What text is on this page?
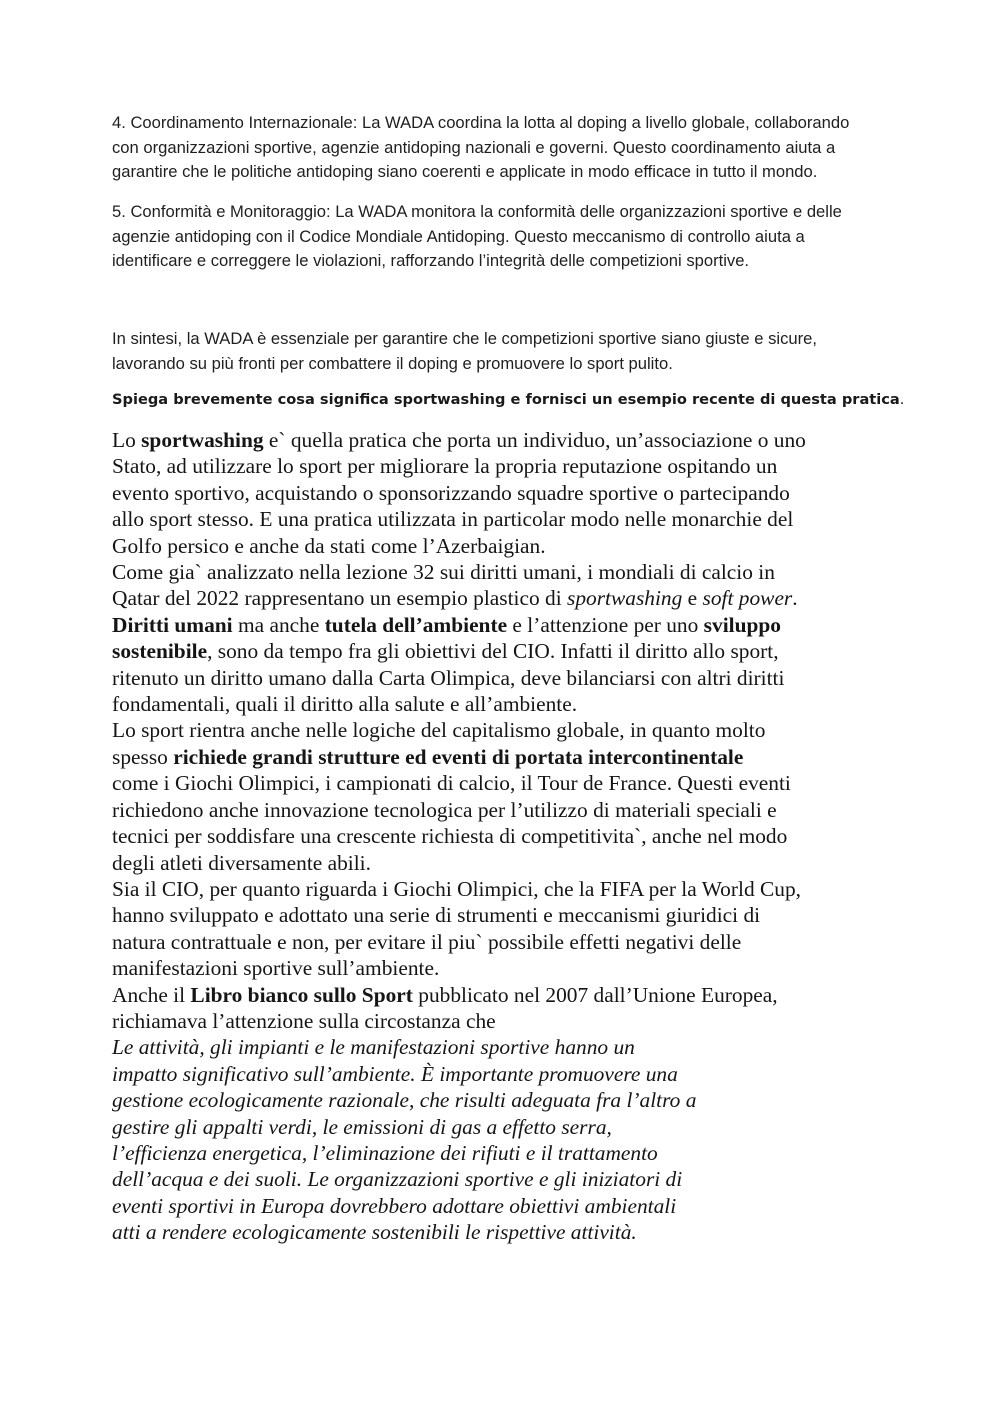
4. Coordinamento Internazionale: La WADA coordina la lotta al doping a livello globale, collaborando

con organizzazioni sportive, agenzie antidoping nazionali e governi. Questo coordinamento aiuta a

garantire che le politiche antidoping siano coerenti e applicate in modo efficace in tutto il mondo.

5. Conformità e Monitoraggio: La WADA monitora la conformità delle organizzazioni sportive e delle

agenzie antidoping con il Codice Mondiale Antidoping. Questo meccanismo di controllo aiuta a

identificare e correggere le violazioni, rafforzando l’integrità delle competizioni sportive.

In sintesi, la WADA è essenziale per garantire che le competizioni sportive siano giuste e sicure,

lavorando su più fronti per combattere il doping e promuovere lo sport pulito.

Spiega brevemente cosa significa sportwashing e fornisci un esempio recente di questa pratica.
Lo sportwashing e` quella pratica che porta un individuo, un’associazione o uno
Stato, ad utilizzare lo sport per migliorare la propria reputazione ospitando un
evento sportivo, acquistando o sponsorizzando squadre sportive o partecipando
allo sport stesso. E una pratica utilizzata in particolar modo nelle monarchie del
Golfo persico e anche da stati come l’Azerbaigian.
Come gia` analizzato nella lezione 32 sui diritti umani, i mondiali di calcio in
Qatar del 2022 rappresentano un esempio plastico di sportwashing e soft power.
Diritti umani ma anche tutela dell’ambiente e l’attenzione per uno sviluppo
sostenibile, sono da tempo fra gli obiettivi del CIO. Infatti il diritto allo sport,
ritenuto un diritto umano dalla Carta Olimpica, deve bilanciarsi con altri diritti
fondamentali, quali il diritto alla salute e all’ambiente.
Lo sport rientra anche nelle logiche del capitalismo globale, in quanto molto
spesso richiede grandi strutture ed eventi di portata intercontinentale
come i Giochi Olimpici, i campionati di calcio, il Tour de France. Questi eventi
richiedono anche innovazione tecnologica per l’utilizzo di materiali speciali e
tecnici per soddisfare una crescente richiesta di competitivita`, anche nel modo
degli atleti diversamente abili.
Sia il CIO, per quanto riguarda i Giochi Olimpici, che la FIFA per la World Cup,
hanno sviluppato e adottato una serie di strumenti e meccanismi giuridici di
natura contrattuale e non, per evitare il piu` possibile effetti negativi delle
manifestazioni sportive sull’ambiente.
Anche il Libro bianco sullo Sport pubblicato nel 2007 dall’Unione Europea,
richiamava l’attenzione sulla circostanza che
Le attività, gli impianti e le manifestazioni sportive hanno un
impatto significativo sull’ambiente. È importante promuovere una
gestione ecologicamente razionale, che risulti adeguata fra l’altro a
gestire gli appalti verdi, le emissioni di gas a effetto serra,
l’efficienza energetica, l’eliminazione dei rifiuti e il trattamento
dell’acqua e dei suoli. Le organizzazioni sportive e gli iniziatori di
eventi sportivi in Europa dovrebbero adottare obiettivi ambientali
atti a rendere ecologicamente sostenibili le rispettive attività.
